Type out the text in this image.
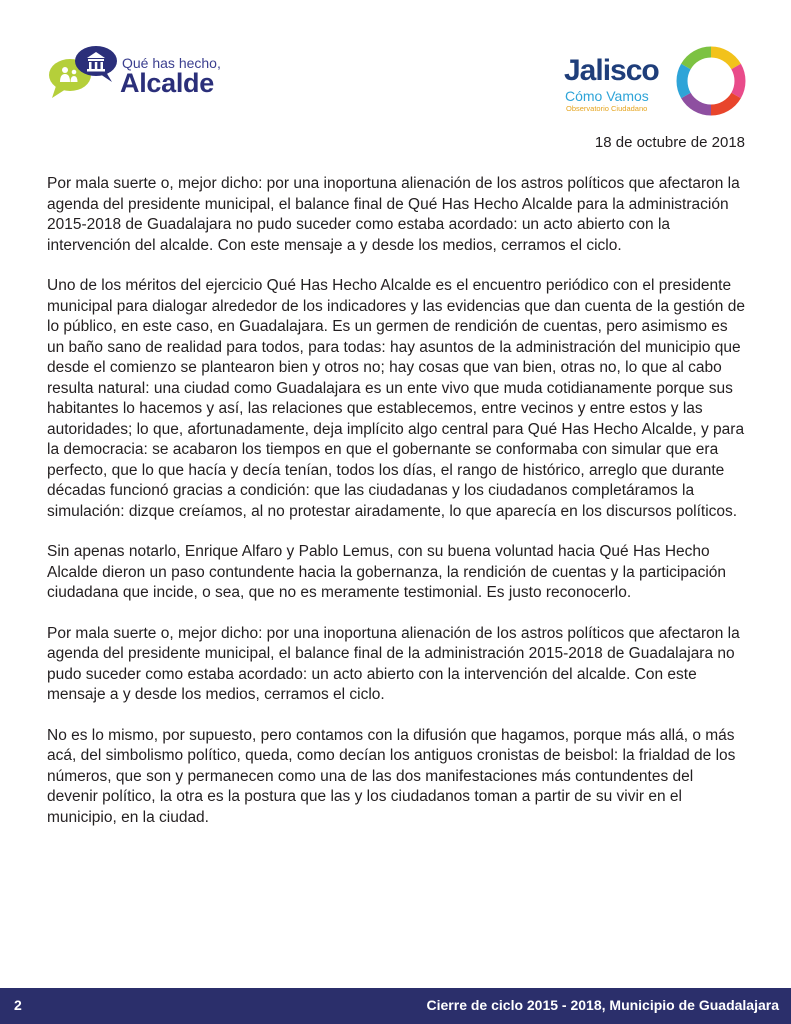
Qué has hecho,
Alcalde	Jalisco
Cómo Vamos
Observatorio Ciudadano
18 de octubre de 2018

Por mala suerte o, mejor dicho: por una inoportuna alienación de los astros políticos que afectaron la agenda del presidente municipal, el balance final de Qué Has Hecho Alcalde para la administración 2015-2018 de Guadalajara no pudo suceder como estaba acordado: un acto abierto con la intervención del alcalde. Con este mensaje a y desde los medios, cerramos el ciclo.

Uno de los méritos del ejercicio Qué Has Hecho Alcalde es el encuentro periódico con el presidente municipal para dialogar alrededor de los indicadores y las evidencias que dan cuenta de la gestión de lo público, en este caso, en Guadalajara. Es un germen de rendición de cuentas, pero asimismo es un baño sano de realidad para todos, para todas: hay asuntos de la administración del municipio que desde el comienzo se plantearon bien y otros no; hay cosas que van bien, otras no, lo que al cabo resulta natural: una ciudad como Guadalajara es un ente vivo que muda cotidianamente porque sus habitantes lo hacemos y así, las relaciones que establecemos, entre vecinos y entre estos y las autoridades; lo que, afortunadamente, deja implícito algo central para Qué Has Hecho Alcalde, y para la democracia: se acabaron los tiempos en que el gobernante se conformaba con simular que era perfecto, que lo que hacía y decía tenían, todos los días, el rango de histórico, arreglo que durante décadas funcionó gracias a condición: que las ciudadanas y los ciudadanos completáramos la simulación: dizque creíamos, al no protestar airadamente, lo que aparecía en los discursos políticos.

Sin apenas notarlo, Enrique Alfaro y Pablo Lemus, con su buena voluntad hacia Qué Has Hecho Alcalde dieron un paso contundente hacia la gobernanza, la rendición de cuentas y la participación ciudadana que incide, o sea, que no es meramente testimonial. Es justo reconocerlo.

Por mala suerte o, mejor dicho: por una inoportuna alienación de los astros políticos que afectaron la agenda del presidente municipal, el balance final de la administración 2015-2018 de Guadalajara no pudo suceder como estaba acordado: un acto abierto con la intervención del alcalde. Con este mensaje a y desde los medios, cerramos el ciclo.

No es lo mismo, por supuesto, pero contamos con la difusión que hagamos, porque más allá, o más acá, del simbolismo político, queda, como decían los antiguos cronistas de beisbol: la frialdad de los números, que son y permanecen como una de las dos manifestaciones más contundentes del devenir político, la otra es la postura que las y los ciudadanos toman a partir de su vivir en el municipio, en la ciudad.

2	Cierre de ciclo 2015 - 2018, Municipio de Guadalajara
